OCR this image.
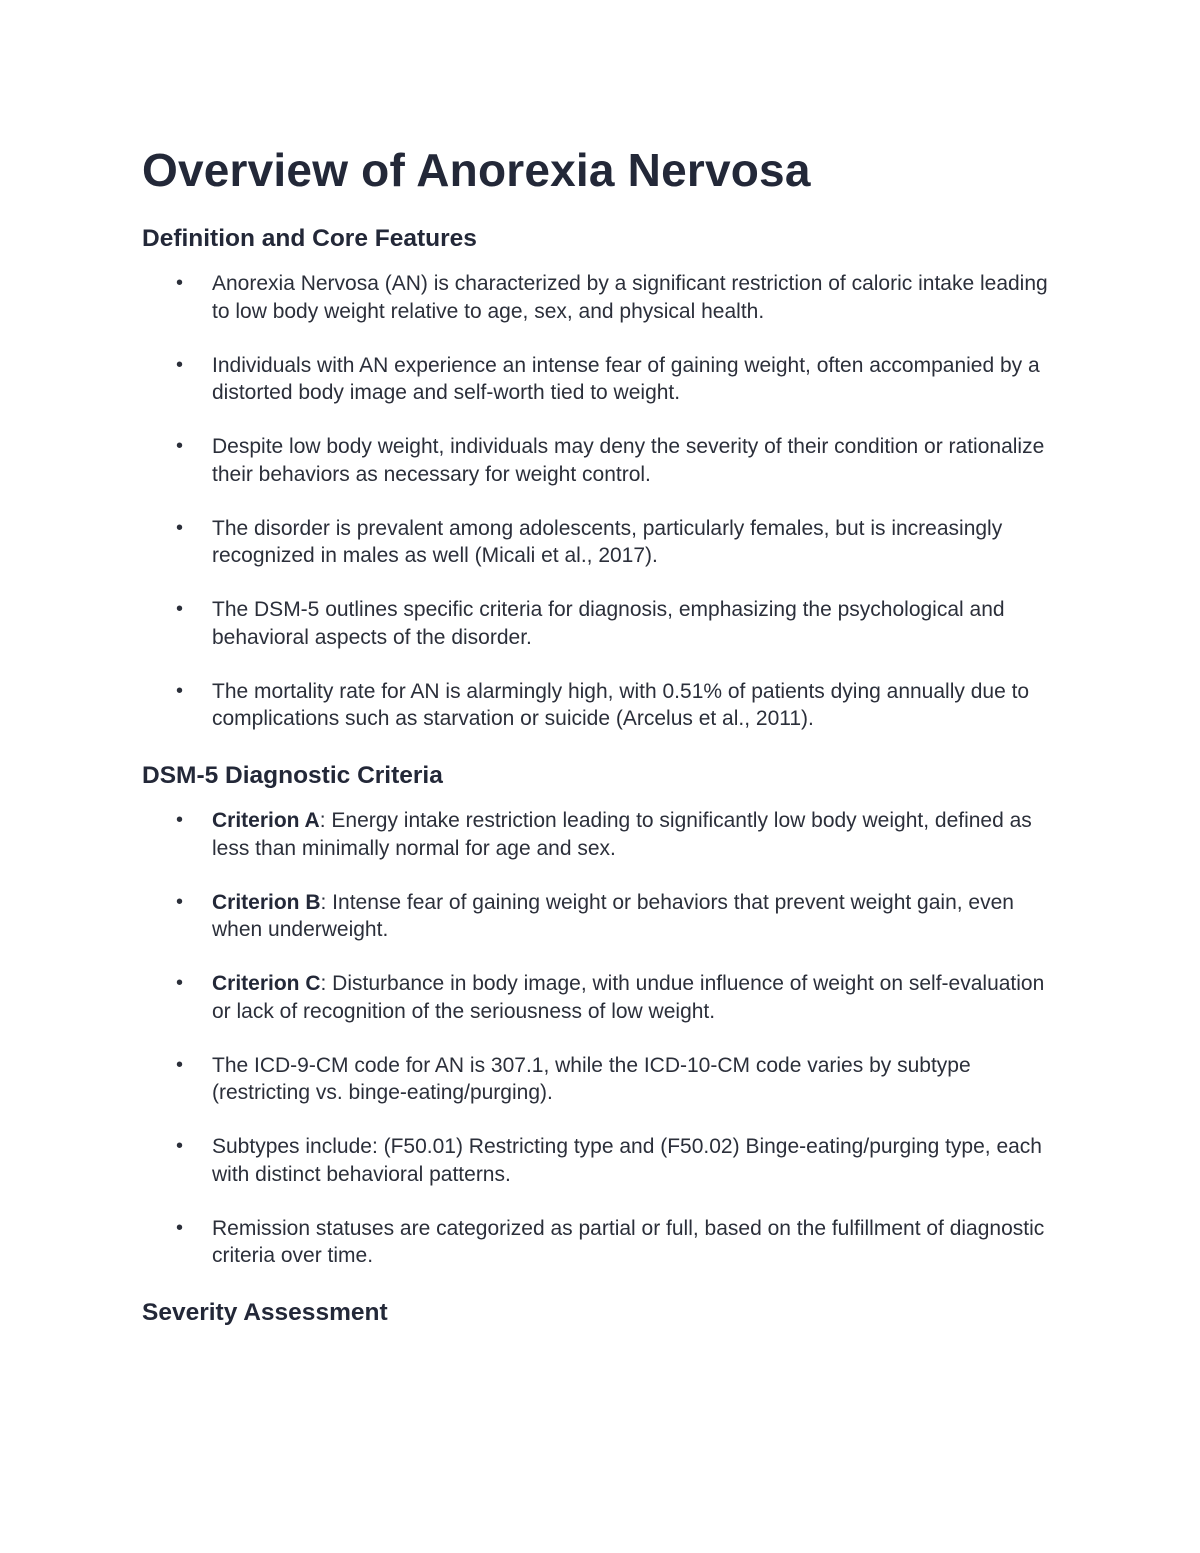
Overview of Anorexia Nervosa
Definition and Core Features
• Anorexia Nervosa (AN) is characterized by a significant restriction of caloric intake leading to low body weight relative to age, sex, and physical health.
• Individuals with AN experience an intense fear of gaining weight, often accompanied by a distorted body image and self-worth tied to weight.
• Despite low body weight, individuals may deny the severity of their condition or rationalize their behaviors as necessary for weight control.
• The disorder is prevalent among adolescents, particularly females, but is increasingly recognized in males as well (Micali et al., 2017).
• The DSM-5 outlines specific criteria for diagnosis, emphasizing the psychological and behavioral aspects of the disorder.
• The mortality rate for AN is alarmingly high, with 0.51% of patients dying annually due to complications such as starvation or suicide (Arcelus et al., 2011).
DSM-5 Diagnostic Criteria
• Criterion A: Energy intake restriction leading to significantly low body weight, defined as less than minimally normal for age and sex.
• Criterion B: Intense fear of gaining weight or behaviors that prevent weight gain, even when underweight.
• Criterion C: Disturbance in body image, with undue influence of weight on self-evaluation or lack of recognition of the seriousness of low weight.
• The ICD-9-CM code for AN is 307.1, while the ICD-10-CM code varies by subtype (restricting vs. binge-eating/purging).
• Subtypes include: (F50.01) Restricting type and (F50.02) Binge-eating/purging type, each with distinct behavioral patterns.
• Remission statuses are categorized as partial or full, based on the fulfillment of diagnostic criteria over time.
Severity Assessment
